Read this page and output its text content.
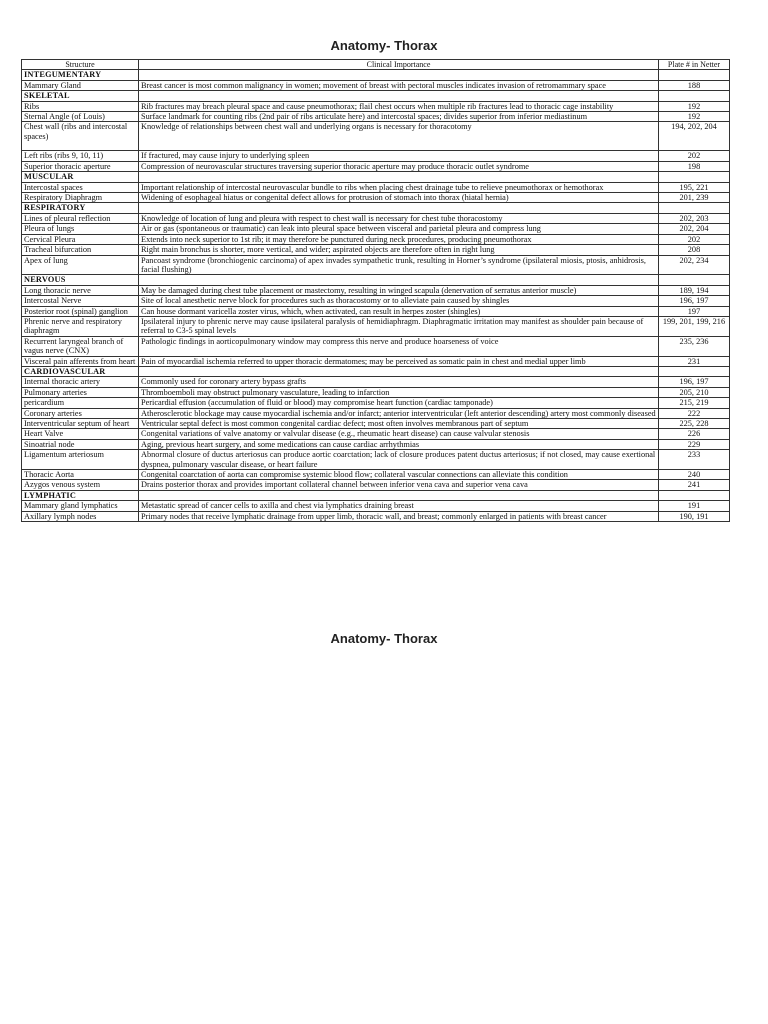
Anatomy- Thorax
Structure	Clinical Importance	Plate # in Netter
INTEGUMENTARY		
Mammary Gland	Breast cancer is most common malignancy in women; movement of breast with pectoral muscles indicates invasion of retromammary space	188
SKELETAL		
Ribs	Rib fractures may breach pleural space and cause pneumothorax; flail chest occurs when multiple rib fractures lead to thoracic cage instability	192
Sternal Angle (of Louis)	Surface landmark for counting ribs (2nd pair of ribs articulate here) and intercostal spaces; divides superior from inferior mediastinum	192
Chest wall (ribs and intercostal spaces)	Knowledge of relationships between chest wall and underlying organs is necessary for thoracotomy	194, 202, 204
Left ribs (ribs 9, 10, 11)	If fractured, may cause injury to underlying spleen	202
Superior thoracic aperture	Compression of neurovascular structures traversing superior thoracic aperture may produce thoracic outlet syndrome	198
MUSCULAR		
Intercostal spaces	Important relationship of intercostal neurovascular bundle to ribs when placing chest drainage tube to relieve pneumothorax or hemothorax	195, 221
Respiratory Diaphragm	Widening of esophageal hiatus or congenital defect allows for protrusion of stomach into thorax (hiatal hernia)	201, 239
RESPIRATORY		
Lines of pleural reflection	Knowledge of location of lung and pleura with respect to chest wall is necessary for chest tube thoracostomy	202, 203
Pleura of lungs	Air or gas (spontaneous or traumatic) can leak into pleural space between visceral and parietal pleura and compress lung	202, 204
Cervical Pleura	Extends into neck superior to 1st rib; it may therefore be punctured during neck procedures, producing pneumothorax	202
Tracheal bifurcation	Right main bronchus is shorter, more vertical, and wider; aspirated objects are therefore often in right lung	208
Apex of lung	Pancoast syndrome (bronchiogenic carcinoma) of apex invades sympathetic trunk, resulting in Horner’s syndrome (ipsilateral miosis, ptosis, anhidrosis, facial flushing)	202, 234
NERVOUS		
Long thoracic nerve	May be damaged during chest tube placement or mastectomy, resulting in winged scapula (denervation of serratus anterior muscle)	189, 194
Intercostal Nerve	Site of local anesthetic nerve block for procedures such as thoracostomy or to alleviate pain caused by shingles	196, 197
Posterior root (spinal) ganglion	Can house dormant varicella zoster virus, which, when activated, can result in herpes zoster (shingles)	197
Phrenic nerve and respiratory diaphragm	Ipsilateral injury to phrenic nerve may cause ipsilateral paralysis of hemidiaphragm. Diaphragmatic irritation may manifest as shoulder pain because of referral to C3-5 spinal levels	199, 201, 199, 216
Recurrent laryngeal branch of vagus nerve (CNX)	Pathologic findings in aorticopulmonary window may compress this nerve and produce hoarseness of voice	235, 236
Visceral pain afferents from heart	Pain of myocardial ischemia referred to upper thoracic dermatomes; may be perceived as somatic pain in chest and medial upper limb	231
CARDIOVASCULAR		
Internal thoracic artery	Commonly used for coronary artery bypass grafts	196, 197
Pulmonary arteries	Thromboemboli may obstruct pulmonary vasculature, leading to infarction	205, 210
pericardium	Pericardial effusion (accumulation of fluid or blood) may compromise heart function (cardiac tamponade)	215, 219
Coronary arteries	Atherosclerotic blockage may cause myocardial ischemia and/or infarct; anterior interventricular (left anterior descending) artery most commonly diseased	222
Interventricular septum of heart	Ventricular septal defect is most common congenital cardiac defect; most often involves membranous part of septum	225, 228
Heart Valve	Congenital variations of valve anatomy or valvular disease (e.g., rheumatic heart disease) can cause valvular stenosis	226
Sinoatrial node	Aging, previous heart surgery, and some medications can cause cardiac arrhythmias	229
Ligamentum arteriosum	Abnormal closure of ductus arteriosus can produce aortic coarctation; lack of closure produces patent ductus arteriosus; if not closed, may cause exertional dyspnea, pulmonary vascular disease, or heart failure	233
Thoracic Aorta	Congenital coarctation of aorta can compromise systemic blood flow; collateral vascular connections can alleviate this condition	240
Azygos venous system	Drains posterior thorax and provides important collateral channel between inferior vena cava and superior vena cava	241
LYMPHATIC		
Mammary gland lymphatics	Metastatic spread of cancer cells to axilla and chest via lymphatics draining breast	191
Axillary lymph nodes	Primary nodes that receive lymphatic drainage from upper limb, thoracic wall, and breast; commonly enlarged in patients with breast cancer	190, 191
Anatomy- Thorax
